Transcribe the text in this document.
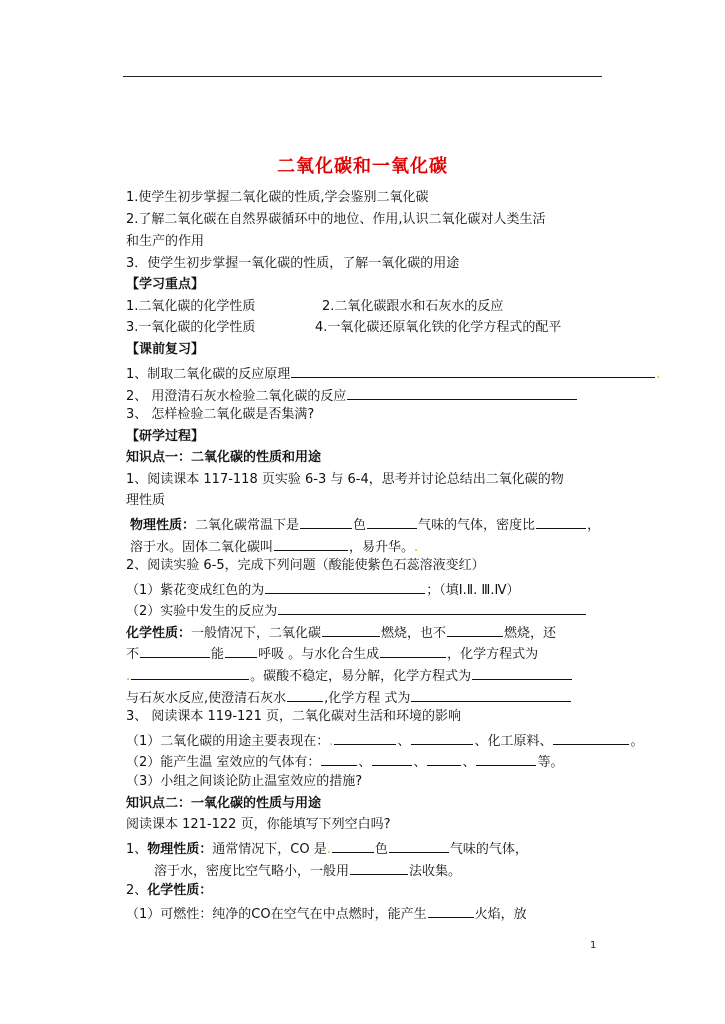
二氧化碳和一氧化碳
1.使学生初步掌握二氧化碳的性质,学会鉴别二氧化碳
2.了解二氧化碳在自然界碳循环中的地位、作用,认识二氧化碳对人类生活
和生产的作用
3．使学生初步掌握一氧化碳的性质，了解一氧化碳的用途
【学习重点】
1.二氧化碳的化学性质	2.二氧化碳跟水和石灰水的反应
3.一氧化碳的化学性质	4.一氧化碳还原氧化铁的化学方程式的配平
【课前复习】
1、制取二氧化碳的反应原理	.
2、 用澄清石灰水检验二氧化碳的反应
3、 怎样检验二氧化碳是否集满?
【研学过程】
知识点一：二氧化碳的性质和用途
1、阅读课本 117-118 页实验 6-3 与 6-4，思考并讨论总结出二氧化碳的物
理性质
物理性质：二氧化碳常温下是	色	气味的气体，密度比	，
溶于水。固体二氧化碳叫	，易升华。.
2、阅读实验 6-5，完成下列问题（酸能使紫色石蕊溶液变红）
（1）紫花变成红色的为	；（填Ⅰ.Ⅱ. Ⅲ.Ⅳ）
（2）实验中发生的反应为
化学性质：一般情况下，二氧化碳	燃烧，也不	燃烧，还
不	能	呼吸 。与水化合生成	，化学方程式为
.	。碳酸不稳定，易分解，化学方程式为
与石灰水反应,使澄清石灰水	,化学方程 式为
3、 阅读课本 119-121 页，二氧化碳对生活和环境的影响
（1）二氧化碳的用途主要表现在：.	、	、化工原料、	。
（2）能产生温 室效应的气体有：	、	、	、	等。
（3）小组之间谈论防止温室效应的措施?
知识点二：一氧化碳的性质与用途
阅读课本 121-122 页，你能填写下列空白吗?
1、物理性质：通常情况下，CO 是.	色	气味的气体，
溶于水，密度比空气略小，一般用	法收集。
2、化学性质：
（1）可燃性：纯净的CO在空气在中点燃时，能产生	火焰，放
1
